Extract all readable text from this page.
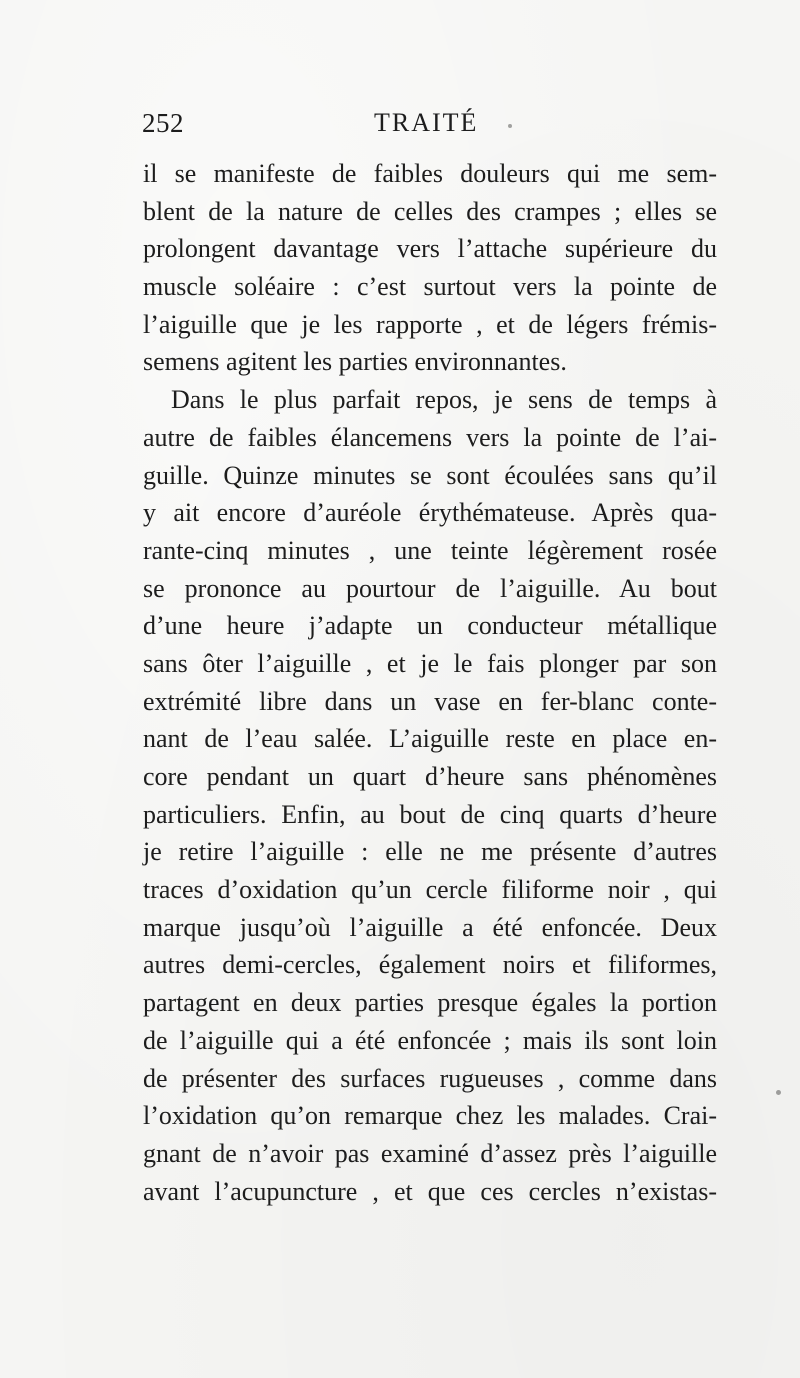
252	TRAITÉ
il se manifeste de faibles douleurs qui me sem-
blent de la nature de celles des crampes ; elles se
prolongent davantage vers l’attache supérieure du
muscle soléaire : c’est surtout vers la pointe de
l’aiguille que je les rapporte , et de légers frémis-
semens agitent les parties environnantes.
Dans le plus parfait repos, je sens de temps à
autre de faibles élancemens vers la pointe de l’ai-
guille. Quinze minutes se sont écoulées sans qu’il
y ait encore d’auréole érythémateuse. Après qua-
rante-cinq minutes , une teinte légèrement rosée
se prononce au pourtour de l’aiguille. Au bout
d’une heure j’adapte un conducteur métallique
sans ôter l’aiguille , et je le fais plonger par son
extrémité libre dans un vase en fer-blanc conte-
nant de l’eau salée. L’aiguille reste en place en-
core pendant un quart d’heure sans phénomènes
particuliers. Enfin, au bout de cinq quarts d’heure
je retire l’aiguille : elle ne me présente d’autres
traces d’oxidation qu’un cercle filiforme noir , qui
marque jusqu’où l’aiguille a été enfoncée. Deux
autres demi-cercles, également noirs et filiformes,
partagent en deux parties presque égales la portion
de l’aiguille qui a été enfoncée ; mais ils sont loin
de présenter des surfaces rugueuses , comme dans
l’oxidation qu’on remarque chez les malades. Crai-
gnant de n’avoir pas examiné d’assez près l’aiguille
avant l’acupuncture , et que ces cercles n’existas-
